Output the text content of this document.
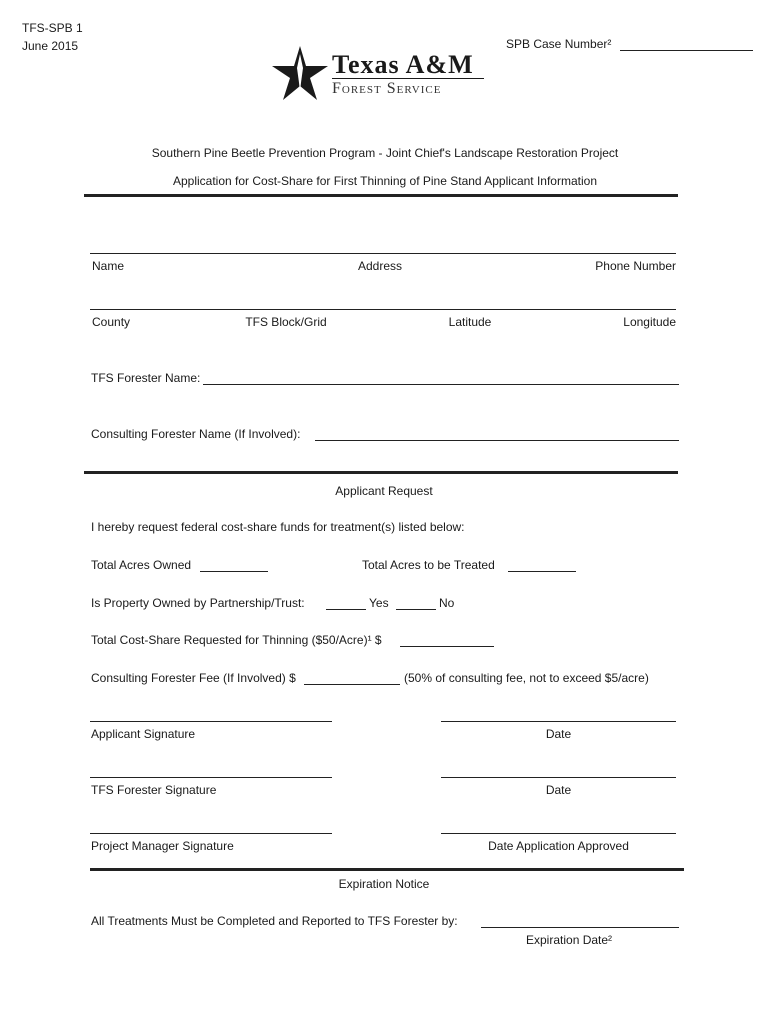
TFS-SPB 1
June 2015	SPB Case Number²
Texas A&M
Forest Service
Southern Pine Beetle Prevention Program - Joint Chief's Landscape Restoration Project
Application for Cost-Share for First Thinning of Pine Stand Applicant Information
Name	Address	Phone Number
County	TFS Block/Grid	Latitude	Longitude
TFS Forester Name:
Consulting Forester Name (If Involved):
Applicant Request
I hereby request federal cost-share funds for treatment(s) listed below:
Total Acres Owned	Total Acres to be Treated
Is Property Owned by Partnership/Trust:	Yes	No
Total Cost-Share Requested for Thinning ($50/Acre)¹ $
Consulting Forester Fee (If Involved) $	(50% of consulting fee, not to exceed $5/acre)
Applicant Signature	Date
TFS Forester Signature	Date
Project Manager Signature	Date Application Approved
Expiration Notice
All Treatments Must be Completed and Reported to TFS Forester by:
Expiration Date²
